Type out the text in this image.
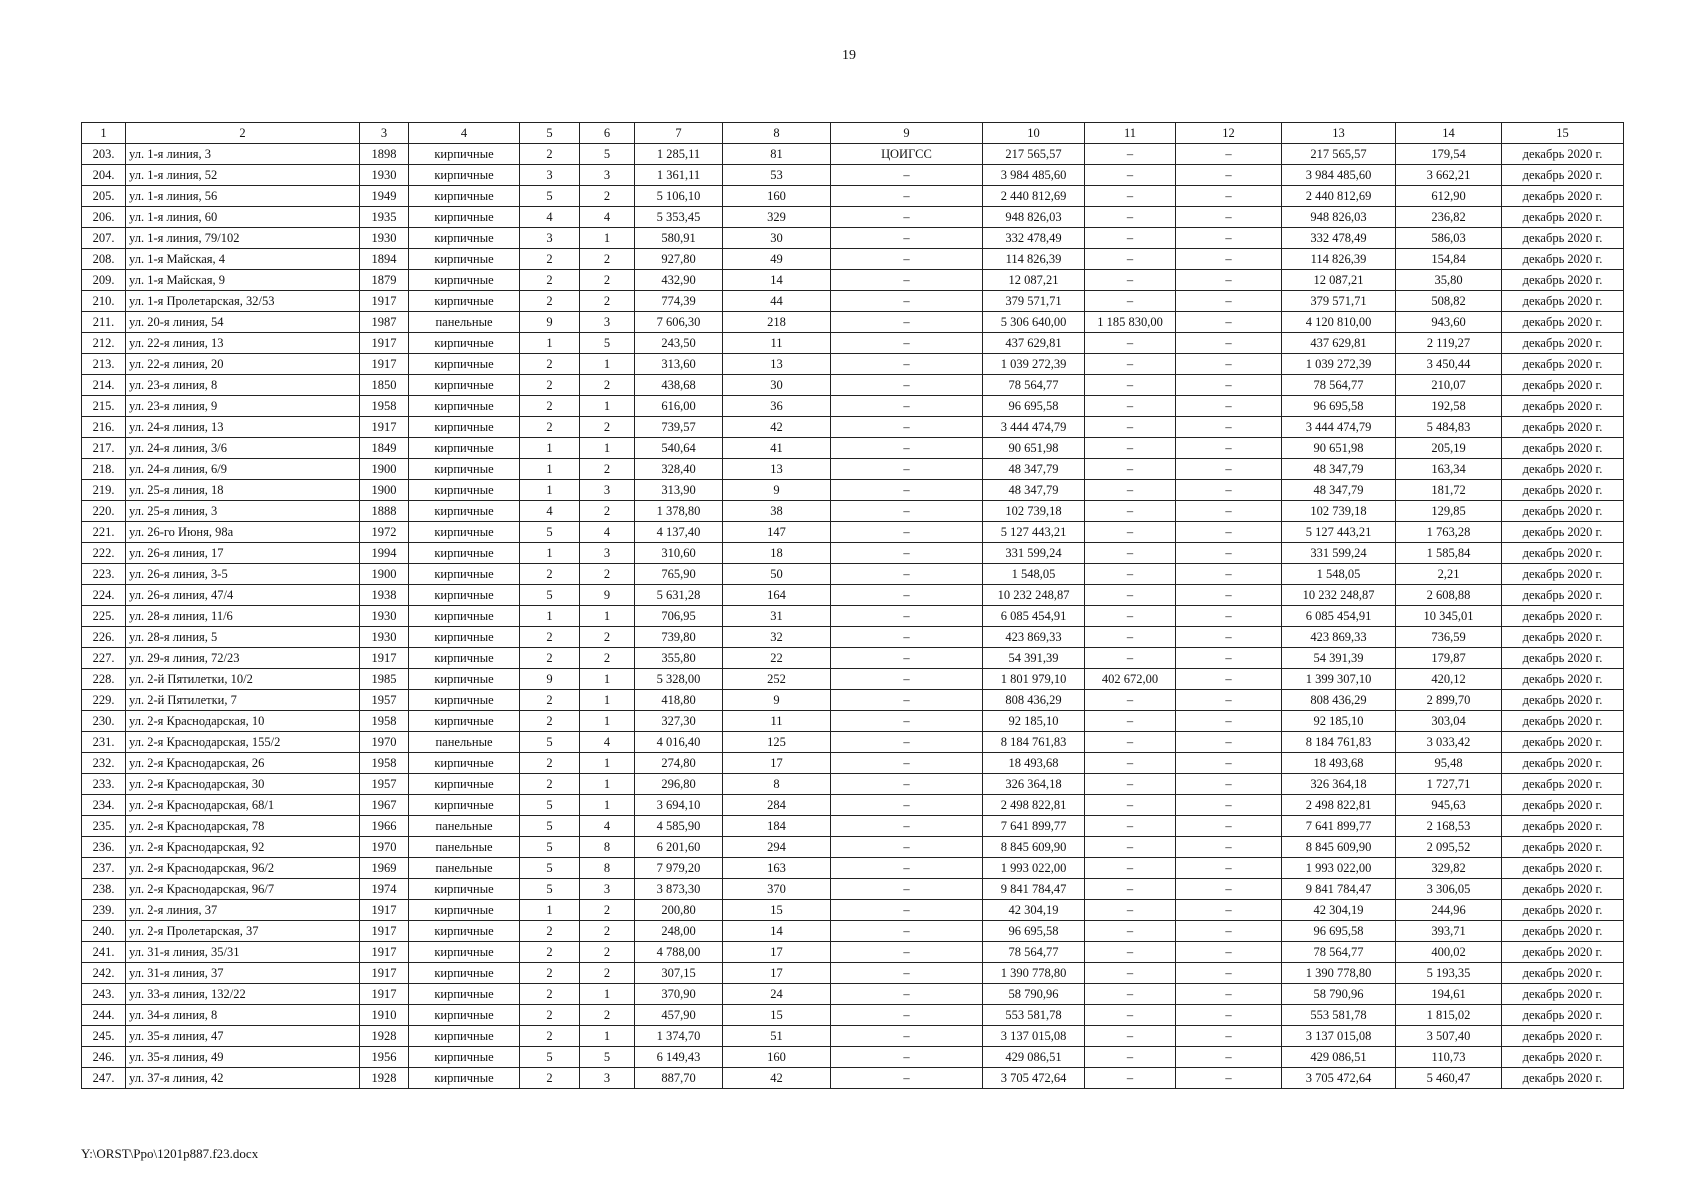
19
1	2	3	4	5	6	7	8	9	10	11	12	13	14	15
203.	ул. 1-я линия, 3	1898	кирпичные	2	5	1 285,11	81	ЦОИГСС	217 565,57	–	–	217 565,57	179,54	декабрь 2020 г.
204.	ул. 1-я линия, 52	1930	кирпичные	3	3	1 361,11	53	–	3 984 485,60	–	–	3 984 485,60	3 662,21	декабрь 2020 г.
205.	ул. 1-я линия, 56	1949	кирпичные	5	2	5 106,10	160	–	2 440 812,69	–	–	2 440 812,69	612,90	декабрь 2020 г.
206.	ул. 1-я линия, 60	1935	кирпичные	4	4	5 353,45	329	–	948 826,03	–	–	948 826,03	236,82	декабрь 2020 г.
207.	ул. 1-я линия, 79/102	1930	кирпичные	3	1	580,91	30	–	332 478,49	–	–	332 478,49	586,03	декабрь 2020 г.
208.	ул. 1-я Майская, 4	1894	кирпичные	2	2	927,80	49	–	114 826,39	–	–	114 826,39	154,84	декабрь 2020 г.
209.	ул. 1-я Майская, 9	1879	кирпичные	2	2	432,90	14	–	12 087,21	–	–	12 087,21	35,80	декабрь 2020 г.
210.	ул. 1-я Пролетарская, 32/53	1917	кирпичные	2	2	774,39	44	–	379 571,71	–	–	379 571,71	508,82	декабрь 2020 г.
211.	ул. 20-я линия, 54	1987	панельные	9	3	7 606,30	218	–	5 306 640,00	1 185 830,00	–	4 120 810,00	943,60	декабрь 2020 г.
212.	ул. 22-я линия, 13	1917	кирпичные	1	5	243,50	11	–	437 629,81	–	–	437 629,81	2 119,27	декабрь 2020 г.
213.	ул. 22-я линия, 20	1917	кирпичные	2	1	313,60	13	–	1 039 272,39	–	–	1 039 272,39	3 450,44	декабрь 2020 г.
214.	ул. 23-я линия, 8	1850	кирпичные	2	2	438,68	30	–	78 564,77	–	–	78 564,77	210,07	декабрь 2020 г.
215.	ул. 23-я линия, 9	1958	кирпичные	2	1	616,00	36	–	96 695,58	–	–	96 695,58	192,58	декабрь 2020 г.
216.	ул. 24-я линия, 13	1917	кирпичные	2	2	739,57	42	–	3 444 474,79	–	–	3 444 474,79	5 484,83	декабрь 2020 г.
217.	ул. 24-я линия, 3/6	1849	кирпичные	1	1	540,64	41	–	90 651,98	–	–	90 651,98	205,19	декабрь 2020 г.
218.	ул. 24-я линия, 6/9	1900	кирпичные	1	2	328,40	13	–	48 347,79	–	–	48 347,79	163,34	декабрь 2020 г.
219.	ул. 25-я линия, 18	1900	кирпичные	1	3	313,90	9	–	48 347,79	–	–	48 347,79	181,72	декабрь 2020 г.
220.	ул. 25-я линия, 3	1888	кирпичные	4	2	1 378,80	38	–	102 739,18	–	–	102 739,18	129,85	декабрь 2020 г.
221.	ул. 26-го Июня, 98а	1972	кирпичные	5	4	4 137,40	147	–	5 127 443,21	–	–	5 127 443,21	1 763,28	декабрь 2020 г.
222.	ул. 26-я линия, 17	1994	кирпичные	1	3	310,60	18	–	331 599,24	–	–	331 599,24	1 585,84	декабрь 2020 г.
223.	ул. 26-я линия, 3-5	1900	кирпичные	2	2	765,90	50	–	1 548,05	–	–	1 548,05	2,21	декабрь 2020 г.
224.	ул. 26-я линия, 47/4	1938	кирпичные	5	9	5 631,28	164	–	10 232 248,87	–	–	10 232 248,87	2 608,88	декабрь 2020 г.
225.	ул. 28-я линия, 11/6	1930	кирпичные	1	1	706,95	31	–	6 085 454,91	–	–	6 085 454,91	10 345,01	декабрь 2020 г.
226.	ул. 28-я линия, 5	1930	кирпичные	2	2	739,80	32	–	423 869,33	–	–	423 869,33	736,59	декабрь 2020 г.
227.	ул. 29-я линия, 72/23	1917	кирпичные	2	2	355,80	22	–	54 391,39	–	–	54 391,39	179,87	декабрь 2020 г.
228.	ул. 2-й Пятилетки, 10/2	1985	кирпичные	9	1	5 328,00	252	–	1 801 979,10	402 672,00	–	1 399 307,10	420,12	декабрь 2020 г.
229.	ул. 2-й Пятилетки, 7	1957	кирпичные	2	1	418,80	9	–	808 436,29	–	–	808 436,29	2 899,70	декабрь 2020 г.
230.	ул. 2-я Краснодарская, 10	1958	кирпичные	2	1	327,30	11	–	92 185,10	–	–	92 185,10	303,04	декабрь 2020 г.
231.	ул. 2-я Краснодарская, 155/2	1970	панельные	5	4	4 016,40	125	–	8 184 761,83	–	–	8 184 761,83	3 033,42	декабрь 2020 г.
232.	ул. 2-я Краснодарская, 26	1958	кирпичные	2	1	274,80	17	–	18 493,68	–	–	18 493,68	95,48	декабрь 2020 г.
233.	ул. 2-я Краснодарская, 30	1957	кирпичные	2	1	296,80	8	–	326 364,18	–	–	326 364,18	1 727,71	декабрь 2020 г.
234.	ул. 2-я Краснодарская, 68/1	1967	кирпичные	5	1	3 694,10	284	–	2 498 822,81	–	–	2 498 822,81	945,63	декабрь 2020 г.
235.	ул. 2-я Краснодарская, 78	1966	панельные	5	4	4 585,90	184	–	7 641 899,77	–	–	7 641 899,77	2 168,53	декабрь 2020 г.
236.	ул. 2-я Краснодарская, 92	1970	панельные	5	8	6 201,60	294	–	8 845 609,90	–	–	8 845 609,90	2 095,52	декабрь 2020 г.
237.	ул. 2-я Краснодарская, 96/2	1969	панельные	5	8	7 979,20	163	–	1 993 022,00	–	–	1 993 022,00	329,82	декабрь 2020 г.
238.	ул. 2-я Краснодарская, 96/7	1974	кирпичные	5	3	3 873,30	370	–	9 841 784,47	–	–	9 841 784,47	3 306,05	декабрь 2020 г.
239.	ул. 2-я линия, 37	1917	кирпичные	1	2	200,80	15	–	42 304,19	–	–	42 304,19	244,96	декабрь 2020 г.
240.	ул. 2-я Пролетарская, 37	1917	кирпичные	2	2	248,00	14	–	96 695,58	–	–	96 695,58	393,71	декабрь 2020 г.
241.	ул. 31-я линия, 35/31	1917	кирпичные	2	2	4 788,00	17	–	78 564,77	–	–	78 564,77	400,02	декабрь 2020 г.
242.	ул. 31-я линия, 37	1917	кирпичные	2	2	307,15	17	–	1 390 778,80	–	–	1 390 778,80	5 193,35	декабрь 2020 г.
243.	ул. 33-я линия, 132/22	1917	кирпичные	2	1	370,90	24	–	58 790,96	–	–	58 790,96	194,61	декабрь 2020 г.
244.	ул. 34-я линия, 8	1910	кирпичные	2	2	457,90	15	–	553 581,78	–	–	553 581,78	1 815,02	декабрь 2020 г.
245.	ул. 35-я линия, 47	1928	кирпичные	2	1	1 374,70	51	–	3 137 015,08	–	–	3 137 015,08	3 507,40	декабрь 2020 г.
246.	ул. 35-я линия, 49	1956	кирпичные	5	5	6 149,43	160	–	429 086,51	–	–	429 086,51	110,73	декабрь 2020 г.
247.	ул. 37-я линия, 42	1928	кирпичные	2	3	887,70	42	–	3 705 472,64	–	–	3 705 472,64	5 460,47	декабрь 2020 г.
Y:\ORST\Ppo\1201p887.f23.docx
